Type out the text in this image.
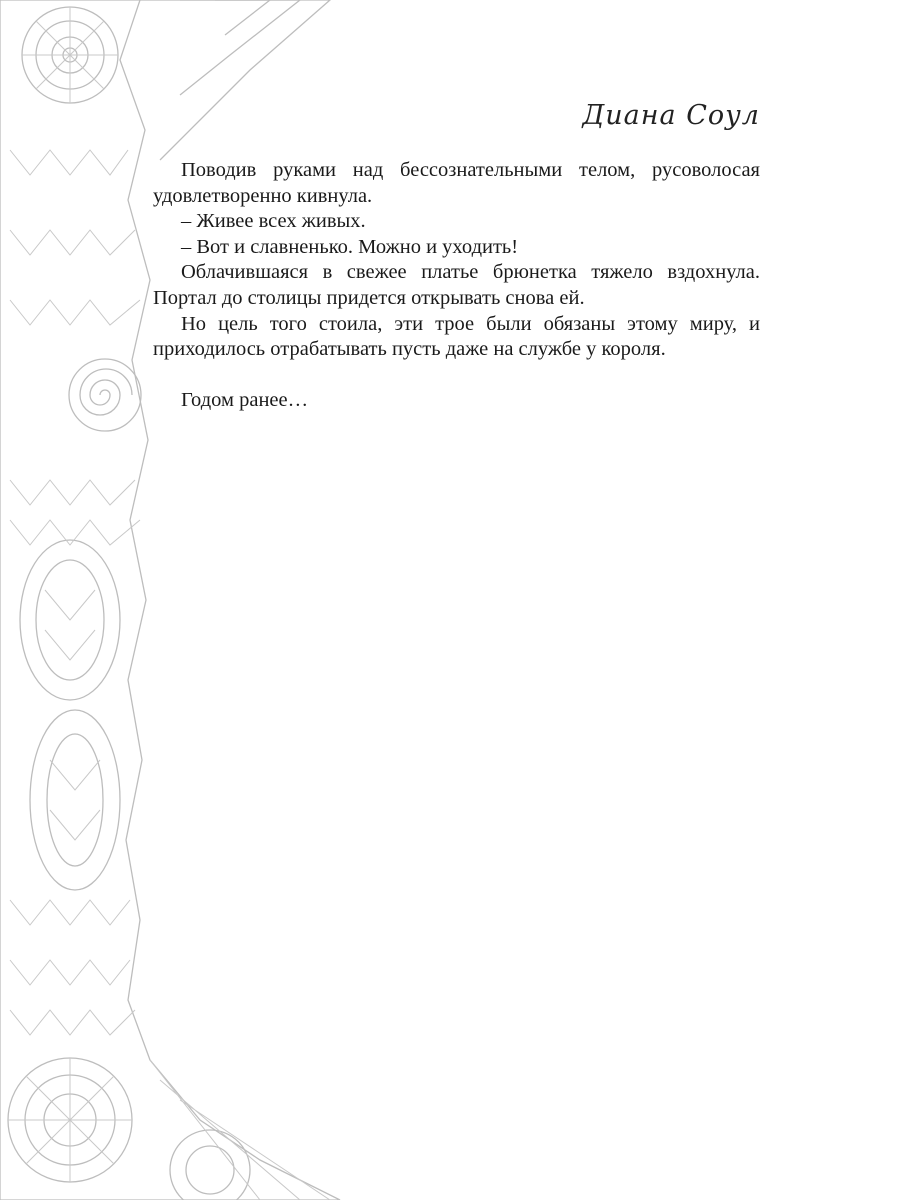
Диана Соул

Поводив руками над бессознательными телом, русоволосая удовлетворенно кивнула.

– Живее всех живых.

– Вот и славненько. Можно и уходить!

Облачившаяся в свежее платье брюнетка тяжело вздохнула. Портал до столицы придется открывать снова ей.

Но цель того стоила, эти трое были обязаны этому миру, и приходилось отрабатывать пусть даже на службе у короля.

Годом ранее…
